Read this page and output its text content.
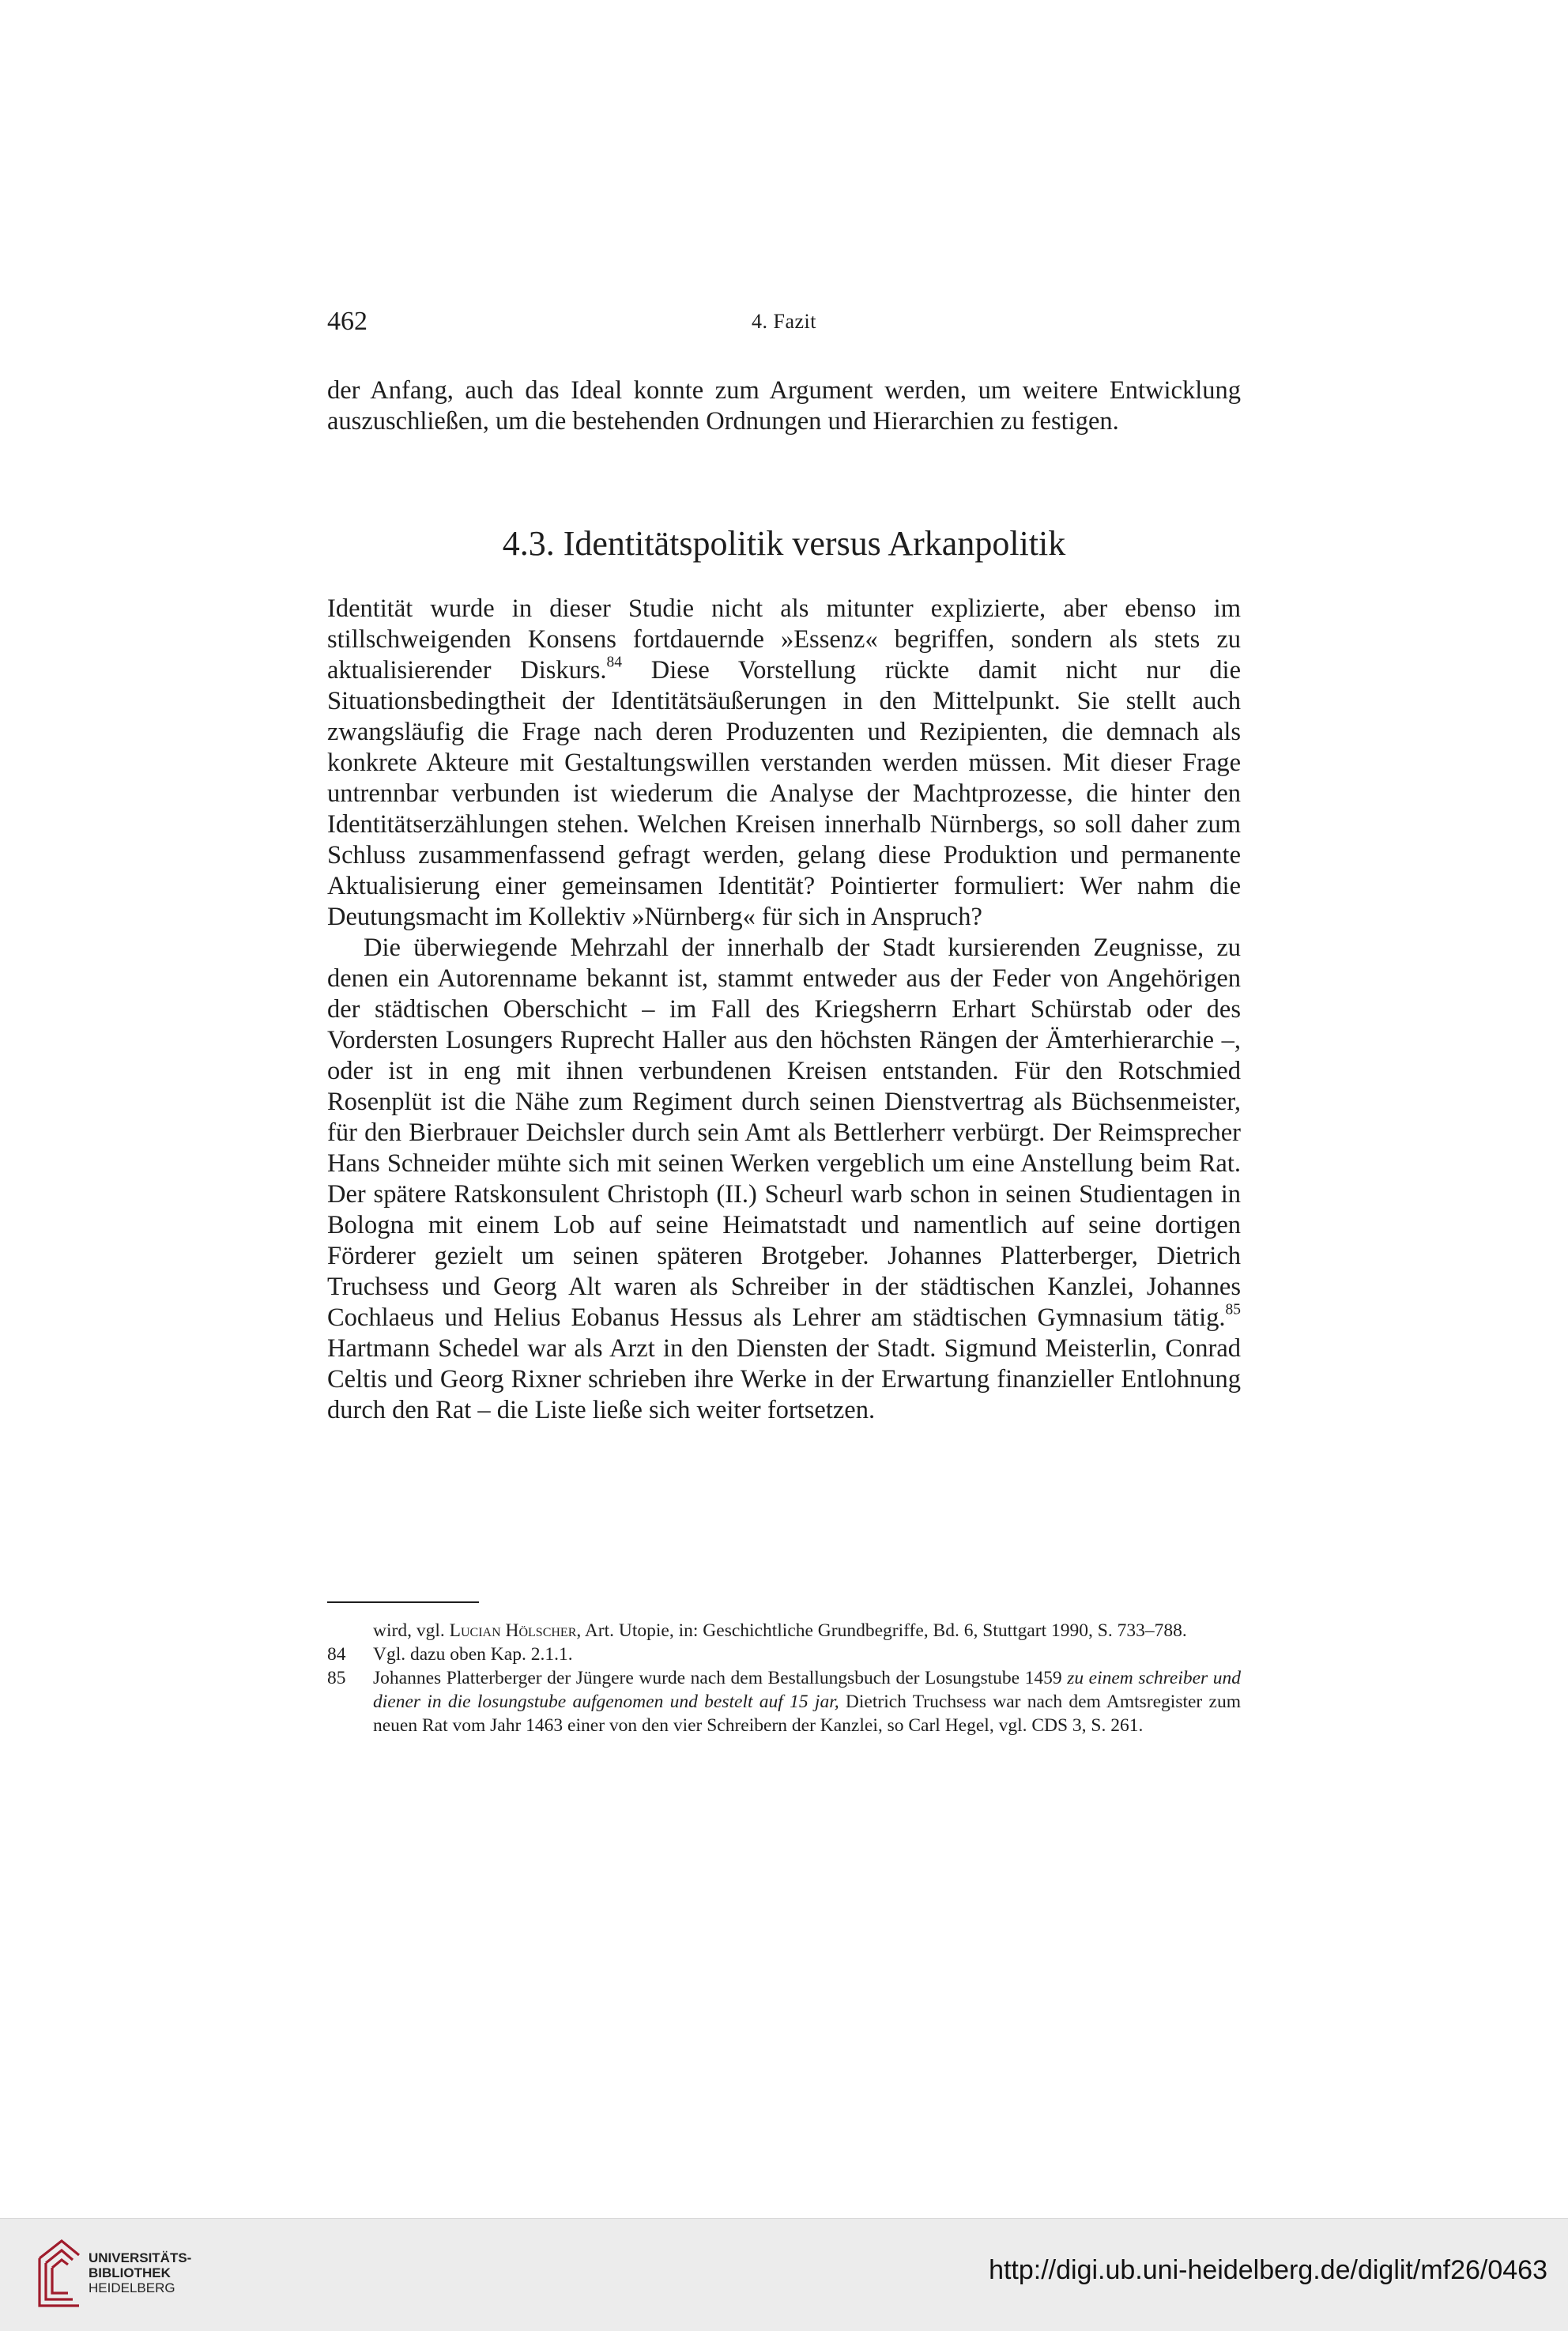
462	4. Fazit

der Anfang, auch das Ideal konnte zum Argument werden, um weitere Entwicklung auszuschließen, um die bestehenden Ordnungen und Hierarchien zu festigen.

4.3. Identitätspolitik versus Arkanpolitik

Identität wurde in dieser Studie nicht als mitunter explizierte, aber ebenso im stillschweigenden Konsens fortdauernde »Essenz« begriffen, sondern als stets zu aktualisierender Diskurs.$^{84}$ Diese Vorstellung rückte damit nicht nur die Situationsbedingtheit der Identitätsäußerungen in den Mittelpunkt. Sie stellt auch zwangsläufig die Frage nach deren Produzenten und Rezipienten, die demnach als konkrete Akteure mit Gestaltungswillen verstanden werden müssen. Mit dieser Frage untrennbar verbunden ist wiederum die Analyse der Machtprozesse, die hinter den Identitätserzählungen stehen. Welchen Kreisen innerhalb Nürnbergs, so soll daher zum Schluss zusammenfassend gefragt werden, gelang diese Produktion und permanente Aktualisierung einer gemeinsamen Identität? Pointierter formuliert: Wer nahm die Deutungsmacht im Kollektiv »Nürnberg« für sich in Anspruch?

Die überwiegende Mehrzahl der innerhalb der Stadt kursierenden Zeugnisse, zu denen ein Autorenname bekannt ist, stammt entweder aus der Feder von Angehörigen der städtischen Oberschicht – im Fall des Kriegsherrn Erhart Schürstab oder des Vordersten Losungers Ruprecht Haller aus den höchsten Rängen der Ämterhierarchie –, oder ist in eng mit ihnen verbundenen Kreisen entstanden. Für den Rotschmied Rosenplüt ist die Nähe zum Regiment durch seinen Dienstvertrag als Büchsenmeister, für den Bierbrauer Deichsler durch sein Amt als Bettlerherr verbürgt. Der Reimsprecher Hans Schneider mühte sich mit seinen Werken vergeblich um eine Anstellung beim Rat. Der spätere Ratskonsulent Christoph (II.) Scheurl warb schon in seinen Studientagen in Bologna mit einem Lob auf seine Heimatstadt und namentlich auf seine dortigen Förderer gezielt um seinen späteren Brotgeber. Johannes Platterberger, Dietrich Truchsess und Georg Alt waren als Schreiber in der städtischen Kanzlei, Johannes Cochlaeus und Helius Eobanus Hessus als Lehrer am städtischen Gymnasium tätig.$^{85}$ Hartmann Schedel war als Arzt in den Diensten der Stadt. Sigmund Meisterlin, Conrad Celtis und Georg Rixner schrieben ihre Werke in der Erwartung finanzieller Entlohnung durch den Rat – die Liste ließe sich weiter fortsetzen.

wird, vgl. Lucian Hölscher, Art. Utopie, in: Geschichtliche Grundbegriffe, Bd. 6, Stuttgart 1990, S. 733–788.

84	Vgl. dazu oben Kap. 2.1.1.

85	Johannes Platterberger der Jüngere wurde nach dem Bestallungsbuch der Losungstube 1459 zu einem schreiber und diener in die losungstube aufgenomen und bestelt auf 15 jar, Dietrich Truchsess war nach dem Amtsregister zum neuen Rat vom Jahr 1463 einer von den vier Schreibern der Kanzlei, so Carl Hegel, vgl. CDS 3, S. 261.

UNIVERSITÄTS-
BIBLIOTHEK
HEIDELBERG
http://digi.ub.uni-heidelberg.de/diglit/mf26/0463
